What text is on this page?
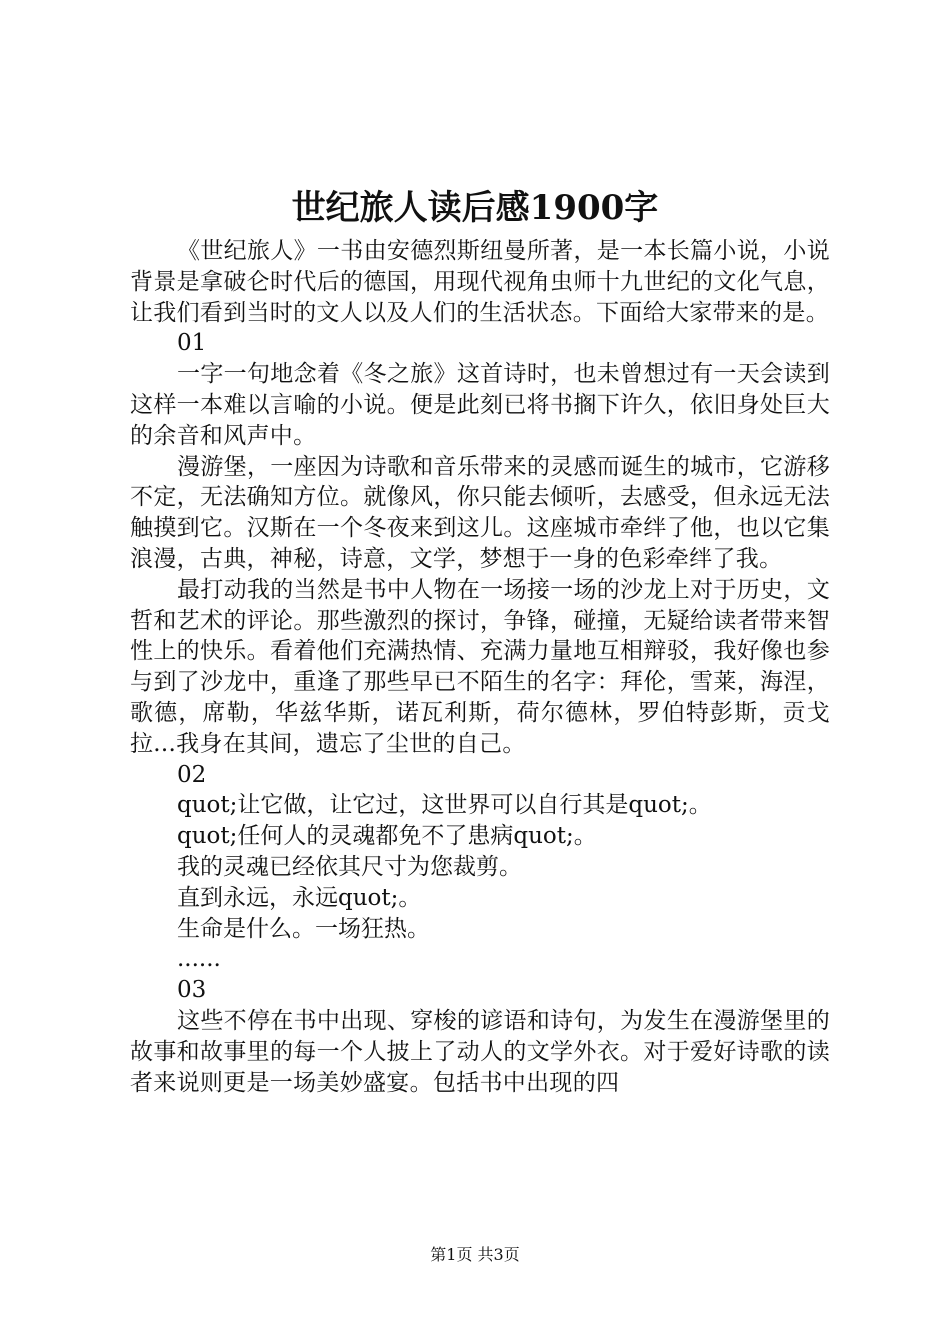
世纪旅人读后感1900字

《世纪旅人》一书由安德烈斯纽曼所著，是一本长篇小说，小说背景是拿破仑时代后的德国，用现代视角虫师十九世纪的文化气息，让我们看到当时的文人以及人们的生活状态。下面给大家带来的是。

01

一字一句地念着《冬之旅》这首诗时，也未曾想过有一天会读到这样一本难以言喻的小说。便是此刻已将书搁下许久，依旧身处巨大的余音和风声中。

漫游堡，一座因为诗歌和音乐带来的灵感而诞生的城市，它游移不定，无法确知方位。就像风，你只能去倾听，去感受，但永远无法触摸到它。汉斯在一个冬夜来到这儿。这座城市牵绊了他，也以它集浪漫，古典，神秘，诗意，文学，梦想于一身的色彩牵绊了我。

最打动我的当然是书中人物在一场接一场的沙龙上对于历史，文哲和艺术的评论。那些激烈的探讨，争锋，碰撞，无疑给读者带来智性上的快乐。看着他们充满热情、充满力量地互相辩驳，我好像也参与到了沙龙中，重逢了那些早已不陌生的名字：拜伦，雪莱，海涅，歌德，席勒，华兹华斯，诺瓦利斯，荷尔德林，罗伯特彭斯，贡戈拉...我身在其间，遗忘了尘世的自己。

02

quot;让它做，让它过，这世界可以自行其是quot;。

quot;任何人的灵魂都免不了患病quot;。

我的灵魂已经依其尺寸为您裁剪。

直到永远，永远quot;。

生命是什么。一场狂热。

......

03

这些不停在书中出现、穿梭的谚语和诗句，为发生在漫游堡里的故事和故事里的每一个人披上了动人的文学外衣。对于爱好诗歌的读者来说则更是一场美妙盛宴。包括书中出现的四

第1页 共3页
